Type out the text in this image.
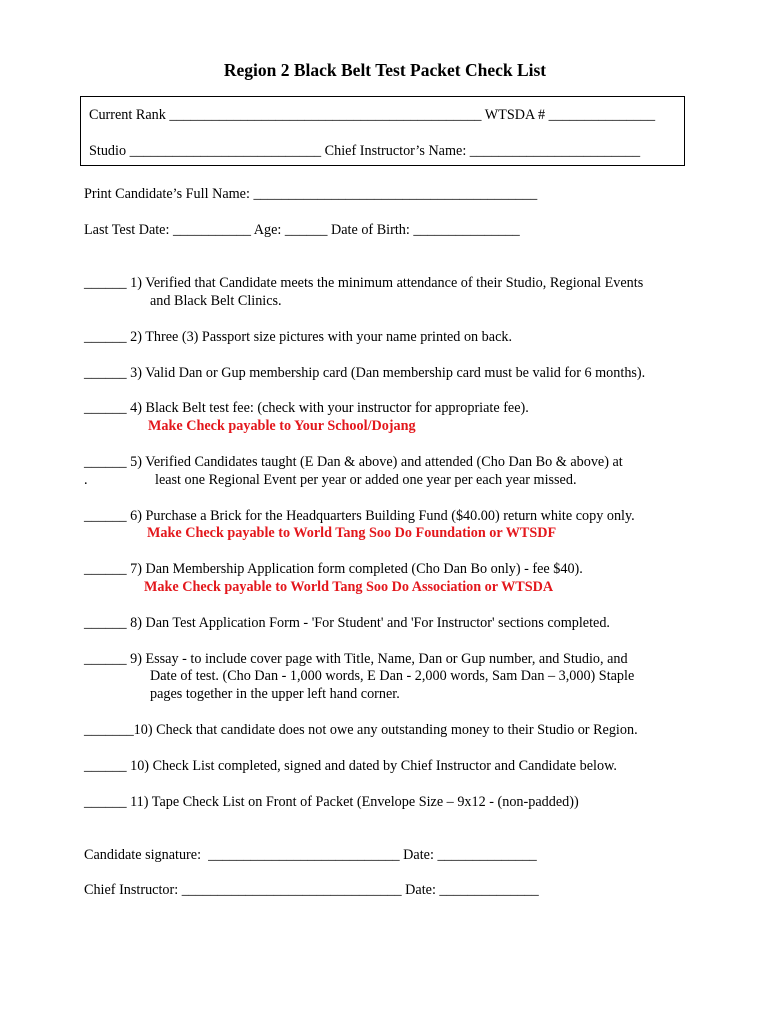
Region 2 Black Belt Test Packet Check List
Current Rank ____________________________________________ WTSDA # _______________
Studio ___________________________ Chief Instructor’s Name: ________________________
Print Candidate’s Full Name: ________________________________________
Last Test Date: ___________ Age: ______ Date of Birth: _______________
______ 1) Verified that Candidate meets the minimum attendance of their Studio, Regional Events
and Black Belt Clinics.
______ 2) Three (3) Passport size pictures with your name printed on back.
______ 3) Valid Dan or Gup membership card (Dan membership card must be valid for 6 months).
______ 4) Black Belt test fee: (check with your instructor for appropriate fee).
Make Check payable to Your School/Dojang
______ 5) Verified Candidates taught (E Dan & above) and attended (Cho Dan Bo & above) at
.	least one Regional Event per year or added one year per each year missed.
______ 6) Purchase a Brick for the Headquarters Building Fund ($40.00) return white copy only.
Make Check payable to World Tang Soo Do Foundation or WTSDF
______ 7) Dan Membership Application form completed (Cho Dan Bo only) - fee $40).
Make Check payable to World Tang Soo Do Association or WTSDA
______ 8) Dan Test Application Form - 'For Student' and 'For Instructor' sections completed.
______ 9) Essay - to include cover page with Title, Name, Dan or Gup number, and Studio, and
Date of test. (Cho Dan - 1,000 words, E Dan - 2,000 words, Sam Dan – 3,000) Staple
pages together in the upper left hand corner.
_______10) Check that candidate does not owe any outstanding money to their Studio or Region.
______ 10) Check List completed, signed and dated by Chief Instructor and Candidate below.
______ 11) Tape Check List on Front of Packet (Envelope Size – 9x12 - (non-padded))
Candidate signature:  ___________________________ Date: ______________
Chief Instructor: _______________________________ Date: ______________
